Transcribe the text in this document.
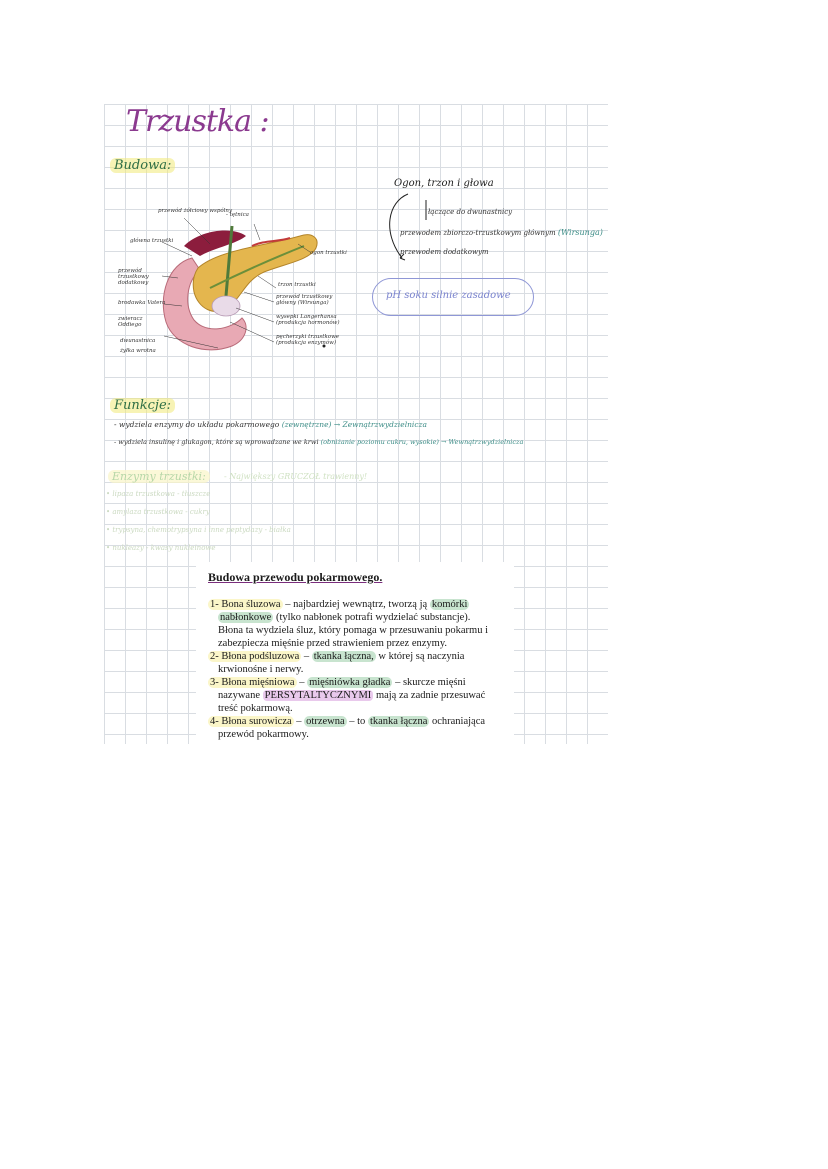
Trzustka :
Budowa:
przewód żółciowy wspólny
główna trzustki
przewód trzustkowy dodatkowy
brodawka Vatera
zwieracz Oddiego
dwunastnica
żyłka wrotna
ogon trzustki
trzon trzustki
przewód trzustkowy główny (Wirsunga)
wysepki Langerhansa (produkcja hormonów)
pęcherzyki trzustkowe (produkcja enzymów)
- tętnica
Ogon, trzon i głowa
łączące do dwunastnicy
przewodem zbiorczo-trzustkowym głównym (Wirsunga)
przewodem dodatkowym
pH soku silnie zasadowe
Funkcje:
- wydziela enzymy do układu pokarmowego (zewnętrzne) → Zewnątrzwydzielnicza
- wydziela insulinę i glukagon, które są wprowadzane we krwi (obniżanie poziomu cukru, wysokie) → Wewnątrzwydzielnicza
Enzymy trzustki:	- Największy GRUCZOŁ trawienny!
• lipaza trzustkowa - tłuszcze
• amylaza trzustkowa - cukry
• trypsyna, chemotrypsyna i inne peptydazy - białka
• nukleazy - kwasy nukleinowe
Budowa przewodu pokarmowego.
1- Bona śluzowa – najbardziej wewnątrz, tworzą ją komórki
nabłonkowe (tylko nabłonek potrafi wydzielać substancje).
Błona ta wydziela śluz, który pomaga w przesuwaniu pokarmu i
zabezpiecza mięśnie przed strawieniem przez enzymy.
2- Błona podśluzowa – tkanka łączna, w której są naczynia
krwionośne i nerwy.
3- Błona mięśniowa – mięśniówka gładka – skurcze mięśni
nazywane PERSYTALTYCZNYMI mają za zadnie przesuwać
treść pokarmową.
4- Błona surowicza – otrzewna – to tkanka łączna ochraniająca
przewód pokarmowy.
